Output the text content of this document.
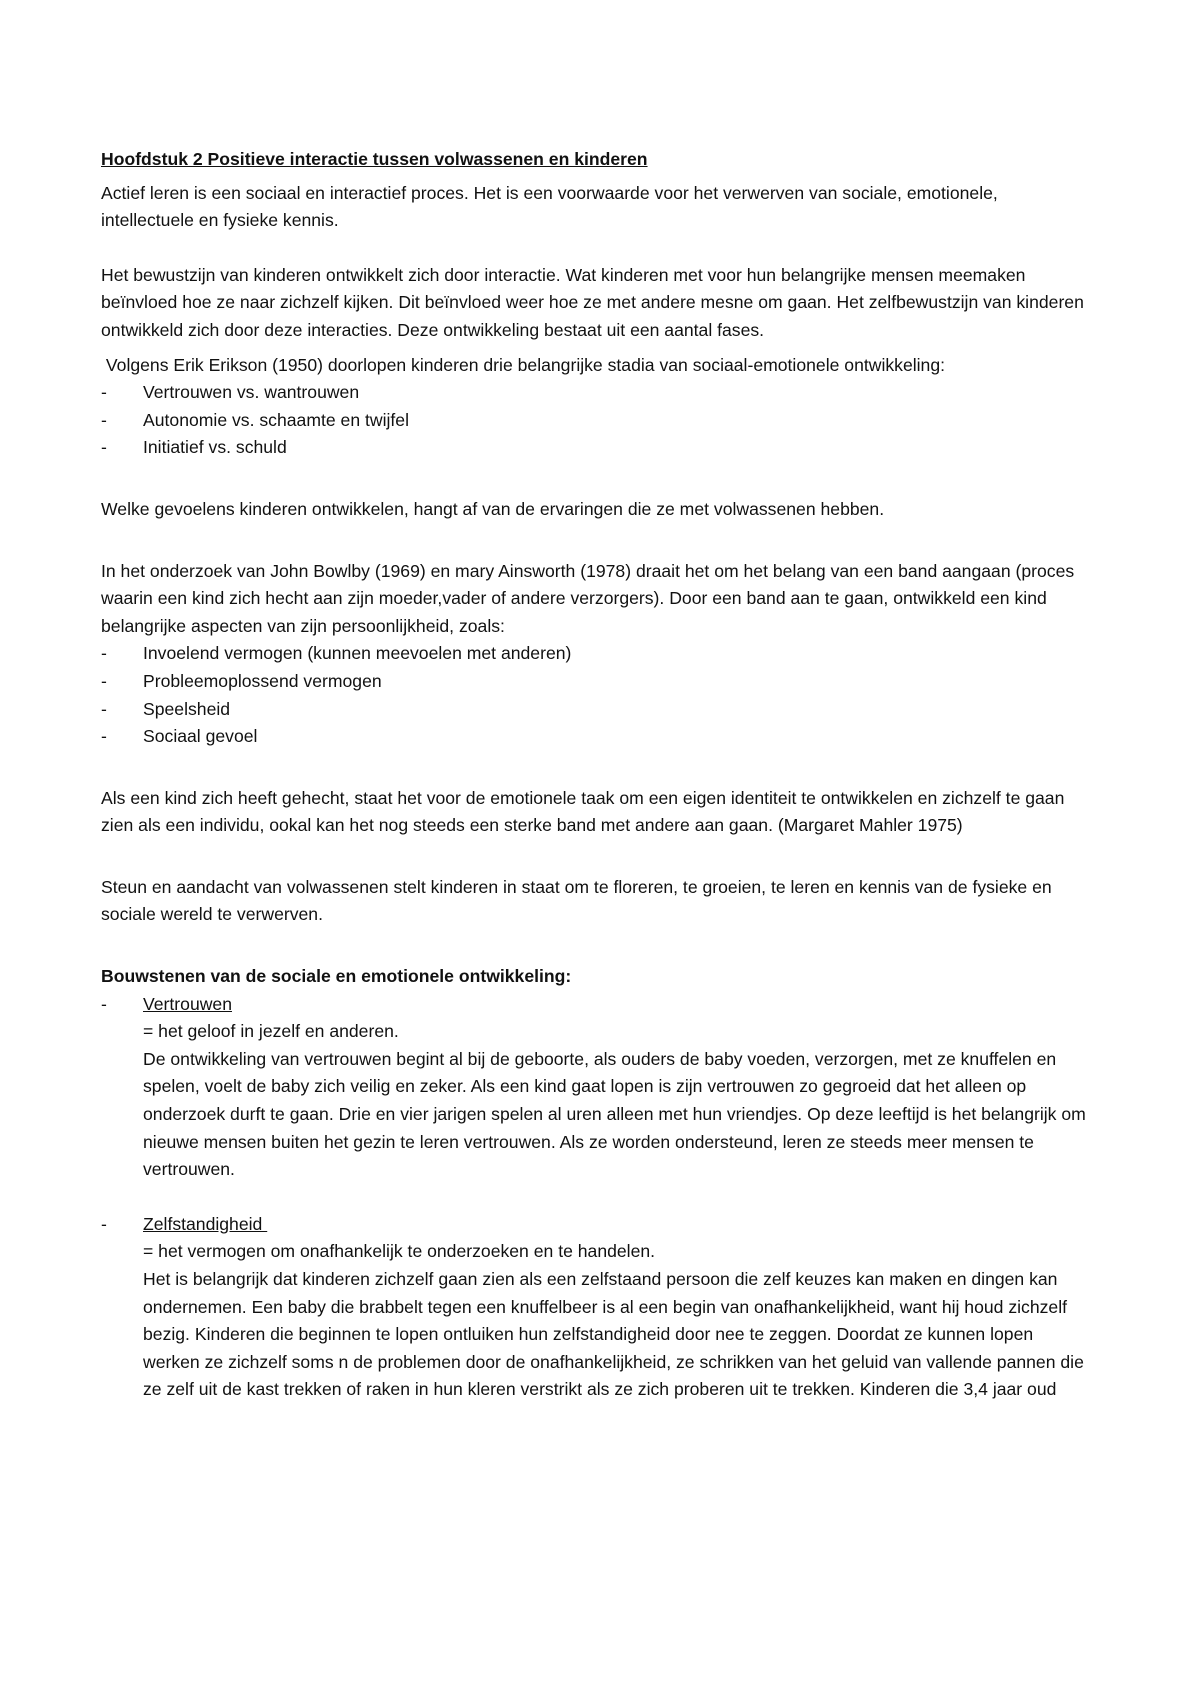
Hoofdstuk 2 Positieve interactie tussen volwassenen en kinderen

Actief leren is een sociaal en interactief proces. Het is een voorwaarde voor het verwerven van sociale, emotionele, intellectuele en fysieke kennis.

Het bewustzijn van kinderen ontwikkelt zich door interactie. Wat kinderen met voor hun belangrijke mensen meemaken beïnvloed hoe ze naar zichzelf kijken. Dit beïnvloed weer hoe ze met andere mesne om gaan. Het zelfbewustzijn van kinderen ontwikkeld zich door deze interacties. Deze ontwikkeling bestaat uit een aantal fases.

Volgens Erik Erikson (1950) doorlopen kinderen drie belangrijke stadia van sociaal-emotionele ontwikkeling:

- Vertrouwen vs. wantrouwen
- Autonomie vs. schaamte en twijfel
- Initiatief vs. schuld

Welke gevoelens kinderen ontwikkelen, hangt af van de ervaringen die ze met volwassenen hebben.

In het onderzoek van John Bowlby (1969) en mary Ainsworth (1978) draait het om het belang van een band aangaan (proces waarin een kind zich hecht aan zijn moeder,vader of andere verzorgers). Door een band aan te gaan, ontwikkeld een kind belangrijke aspecten van zijn persoonlijkheid, zoals:

- Invoelend vermogen (kunnen meevoelen met anderen)
- Probleemoplossend vermogen
- Speelsheid
- Sociaal gevoel

Als een kind zich heeft gehecht, staat het voor de emotionele taak om een eigen identiteit te ontwikkelen en zichzelf te gaan zien als een individu, ookal kan het nog steeds een sterke band met andere aan gaan. (Margaret Mahler 1975)

Steun en aandacht van volwassenen stelt kinderen in staat om te floreren, te groeien, te leren en kennis van de fysieke en sociale wereld te verwerven.

Bouwstenen van de sociale en emotionele ontwikkeling:

- Vertrouwen

= het geloof in jezelf en anderen.

De ontwikkeling van vertrouwen begint al bij de geboorte, als ouders de baby voeden, verzorgen, met ze knuffelen en spelen, voelt de baby zich veilig en zeker. Als een kind gaat lopen is zijn vertrouwen zo gegroeid dat het alleen op onderzoek durft te gaan. Drie en vier jarigen spelen al uren alleen met hun vriendjes. Op deze leeftijd is het belangrijk om nieuwe mensen buiten het gezin te leren vertrouwen. Als ze worden ondersteund, leren ze steeds meer mensen te vertrouwen.

- Zelfstandigheid

= het vermogen om onafhankelijk te onderzoeken en te handelen.

Het is belangrijk dat kinderen zichzelf gaan zien als een zelfstaand persoon die zelf keuzes kan maken en dingen kan ondernemen. Een baby die brabbelt tegen een knuffelbeer is al een begin van onafhankelijkheid, want hij houd zichzelf bezig. Kinderen die beginnen te lopen ontluiken hun zelfstandigheid door nee te zeggen. Doordat ze kunnen lopen werken ze zichzelf soms n de problemen door de onafhankelijkheid, ze schrikken van het geluid van vallende pannen die ze zelf uit de kast trekken of raken in hun kleren verstrikt als ze zich proberen uit te trekken. Kinderen die 3,4 jaar oud
